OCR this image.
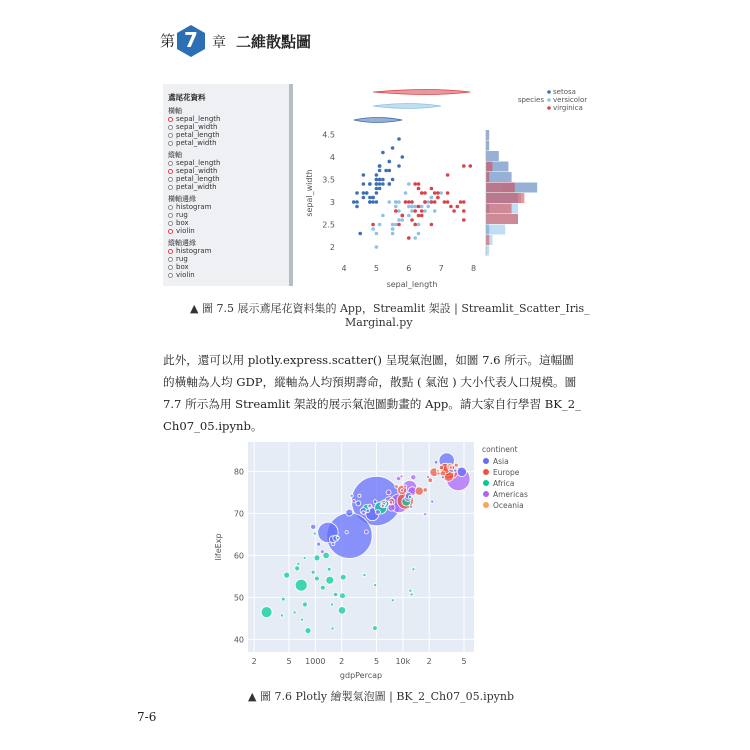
第 7	章 二維散點圖
鳶尾花資料
橫軸
sepal_length
sepal_width
petal_length
petal_width
縱軸
sepal_length
sepal_width
petal_length
petal_width
橫軸邊緣
histogram
rug
box
violin
縱軸邊緣
histogram
rug
box
violin
4	5	6	7	8
2
2.5
3
3.5
4
4.5
sepal_length
sepal_width
species
setosa
versicolor
virginica
▲ 圖 7.5 展示鳶尾花資料集的 App，Streamlit 架設 | Streamlit_Scatter_Iris_
Marginal.py
此外，還可以用 plotly.express.scatter() 呈現氣泡圖，如圖 7.6 所示。這幅圖
的橫軸為人均 GDP，縱軸為人均預期壽命，散點 ( 氣泡 ) 大小代表人口規模。圖
7.7 所示為用 Streamlit 架設的展示氣泡圖動畫的 App。請大家自行學習 BK_2_
Ch07_05.ipynb。
2	5 1000 2	5 10k 2	5
40
50
60
70
80
gdpPercap
lifeExp
continent
Asia
Europe
Africa
Americas
Oceania
▲ 圖 7.6 Plotly 繪製氣泡圖 | BK_2_Ch07_05.ipynb
7-6
